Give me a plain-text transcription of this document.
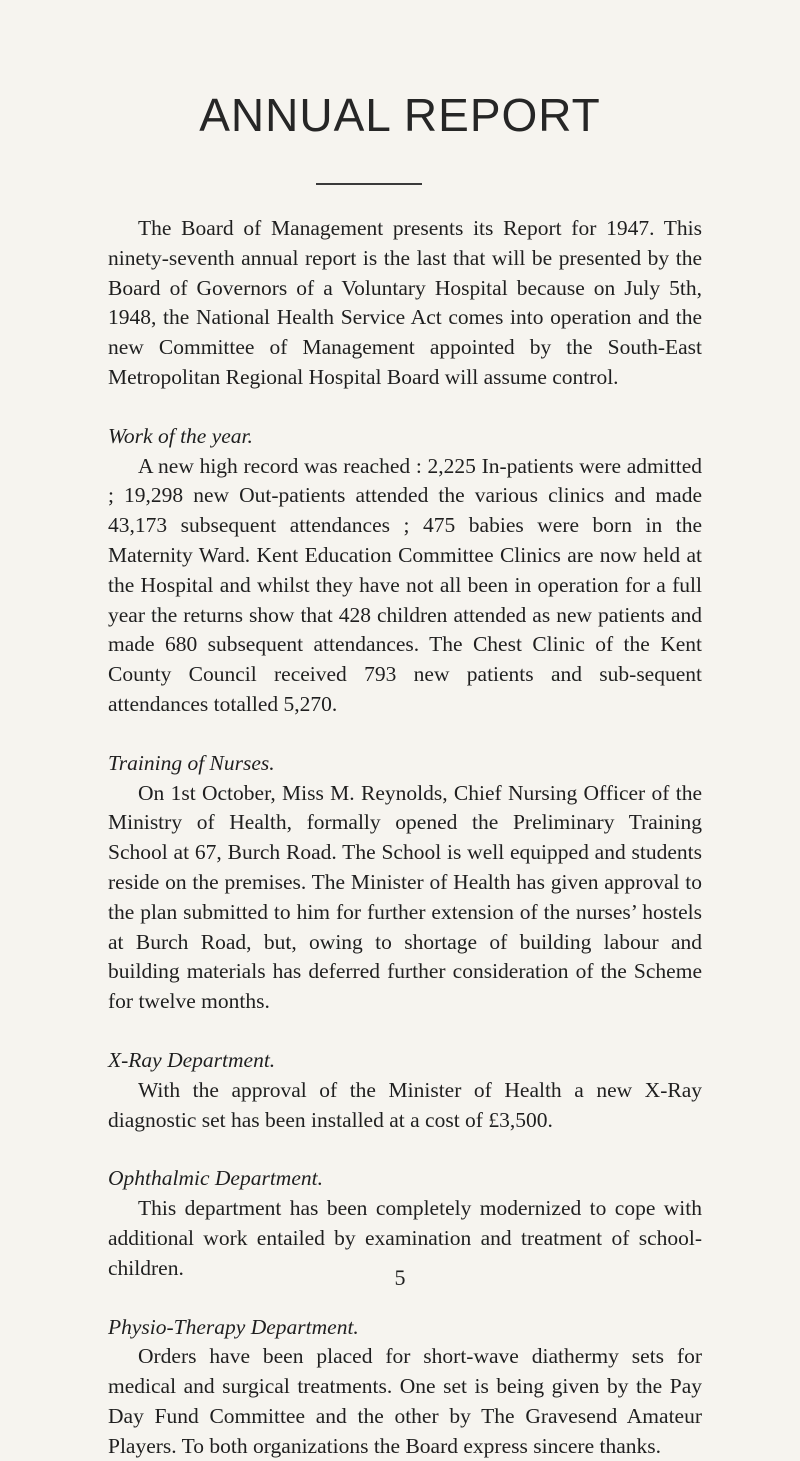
ANNUAL REPORT

The Board of Management presents its Report for 1947. This ninety-seventh annual report is the last that will be presented by the Board of Governors of a Voluntary Hospital because on July 5th, 1948, the National Health Service Act comes into operation and the new Committee of Management appointed by the South-East Metropolitan Regional Hospital Board will assume control.

Work of the year.

A new high record was reached : 2,225 In-patients were admitted ; 19,298 new Out-patients attended the various clinics and made 43,173 subsequent attendances ; 475 babies were born in the Maternity Ward. Kent Education Committee Clinics are now held at the Hospital and whilst they have not all been in operation for a full year the returns show that 428 children attended as new patients and made 680 subsequent attendances. The Chest Clinic of the Kent County Council received 793 new patients and sub-sequent attendances totalled 5,270.

Training of Nurses.

On 1st October, Miss M. Reynolds, Chief Nursing Officer of the Ministry of Health, formally opened the Preliminary Training School at 67, Burch Road. The School is well equipped and students reside on the premises. The Minister of Health has given approval to the plan submitted to him for further extension of the nurses’ hostels at Burch Road, but, owing to shortage of building labour and building materials has deferred further consideration of the Scheme for twelve months.

X-Ray Department.

With the approval of the Minister of Health a new X-Ray diagnostic set has been installed at a cost of £3,500.

Ophthalmic Department.

This department has been completely modernized to cope with additional work entailed by examination and treatment of school-children.

Physio-Therapy Department.

Orders have been placed for short-wave diathermy sets for medical and surgical treatments. One set is being given by the Pay Day Fund Committee and the other by The Gravesend Amateur Players. To both organizations the Board express sincere thanks.

5
